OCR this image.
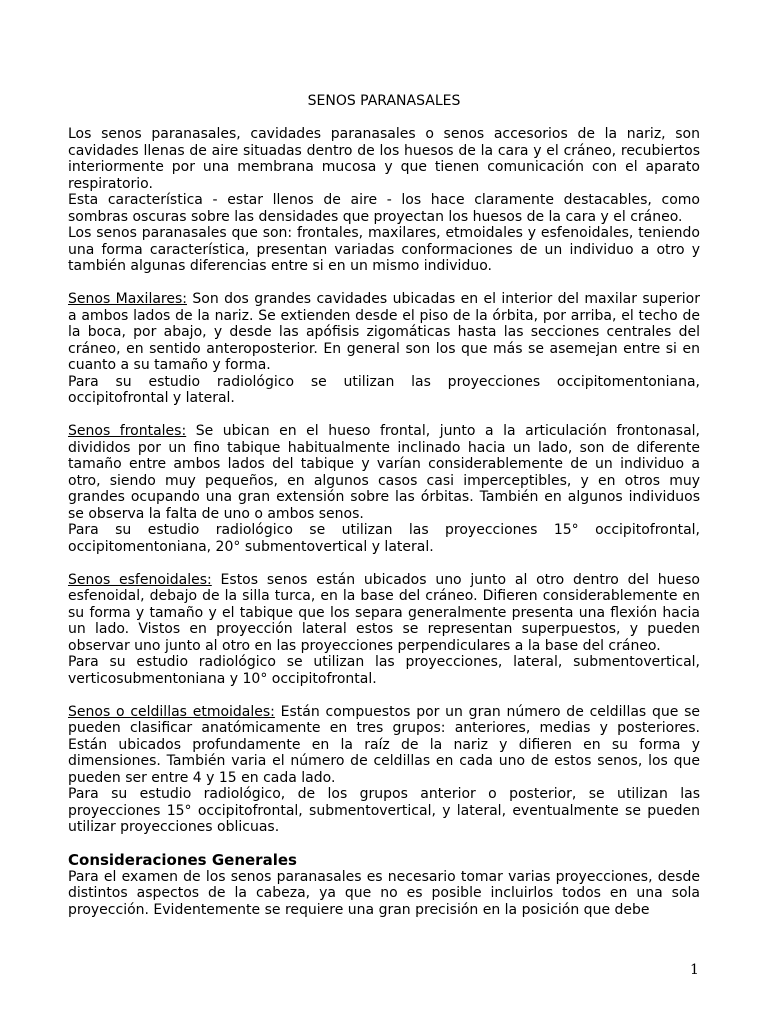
SENOS PARANASALES

Los senos paranasales, cavidades paranasales o senos accesorios de la nariz, son cavidades llenas de aire situadas dentro de los huesos de la cara y el cráneo, recubiertos interiormente por una membrana mucosa y que tienen comunicación con el aparato respiratorio.

Esta característica - estar llenos de aire - los hace claramente destacables, como sombras oscuras sobre las densidades que proyectan los huesos de la cara y el cráneo.

Los senos paranasales que son: frontales, maxilares, etmoidales y esfenoidales, teniendo una forma característica, presentan variadas conformaciones de un individuo a otro y también algunas diferencias entre si en un mismo individuo.

Senos Maxilares: Son dos grandes cavidades ubicadas en el interior del maxilar superior a ambos lados de la nariz. Se extienden desde el piso de la órbita, por arriba, el techo de la boca, por abajo, y desde las apófisis zigomáticas hasta las secciones centrales del cráneo, en sentido anteroposterior. En general son los que más se asemejan entre si en cuanto a su tamaño y forma.

Para su estudio radiológico se utilizan las proyecciones occipitomentoniana, occipitofrontal y lateral.

Senos frontales: Se ubican en el hueso frontal, junto a la articulación frontonasal, divididos por un fino tabique habitualmente inclinado hacia un lado, son de diferente tamaño entre ambos lados del tabique y varían considerablemente de un individuo a otro, siendo muy pequeños, en algunos casos casi imperceptibles, y en otros muy grandes ocupando una gran extensión sobre las órbitas. También en algunos individuos se observa la falta de uno o ambos senos.

Para su estudio radiológico se utilizan las proyecciones 15° occipitofrontal, occipitomentoniana, 20° submentovertical y lateral.

Senos esfenoidales: Estos senos están ubicados uno junto al otro dentro del hueso esfenoidal, debajo de la silla turca, en la base del cráneo. Difieren considerablemente en su forma y tamaño y el tabique que los separa generalmente presenta una flexión hacia un lado. Vistos en proyección lateral estos se representan superpuestos, y pueden observar uno junto al otro en las proyecciones perpendiculares a la base del cráneo.

Para su estudio radiológico se utilizan las proyecciones, lateral, submentovertical, verticosubmentoniana y 10° occipitofrontal.

Senos o celdillas etmoidales: Están compuestos por un gran número de celdillas que se pueden clasificar anatómicamente en tres grupos: anteriores, medias y posteriores. Están ubicados profundamente en la raíz de la nariz y difieren en su forma y dimensiones. También varia el número de celdillas en cada uno de estos senos, los que pueden ser entre 4 y 15 en cada lado.

Para su estudio radiológico, de los grupos anterior o posterior, se utilizan las proyecciones 15° occipitofrontal, submentovertical, y lateral, eventualmente se pueden utilizar proyecciones oblicuas.

Consideraciones Generales

Para el examen de los senos paranasales es necesario tomar varias proyecciones, desde distintos aspectos de la cabeza, ya que no es posible incluirlos todos en una sola proyección. Evidentemente se requiere una gran precisión en la posición que debe

1
